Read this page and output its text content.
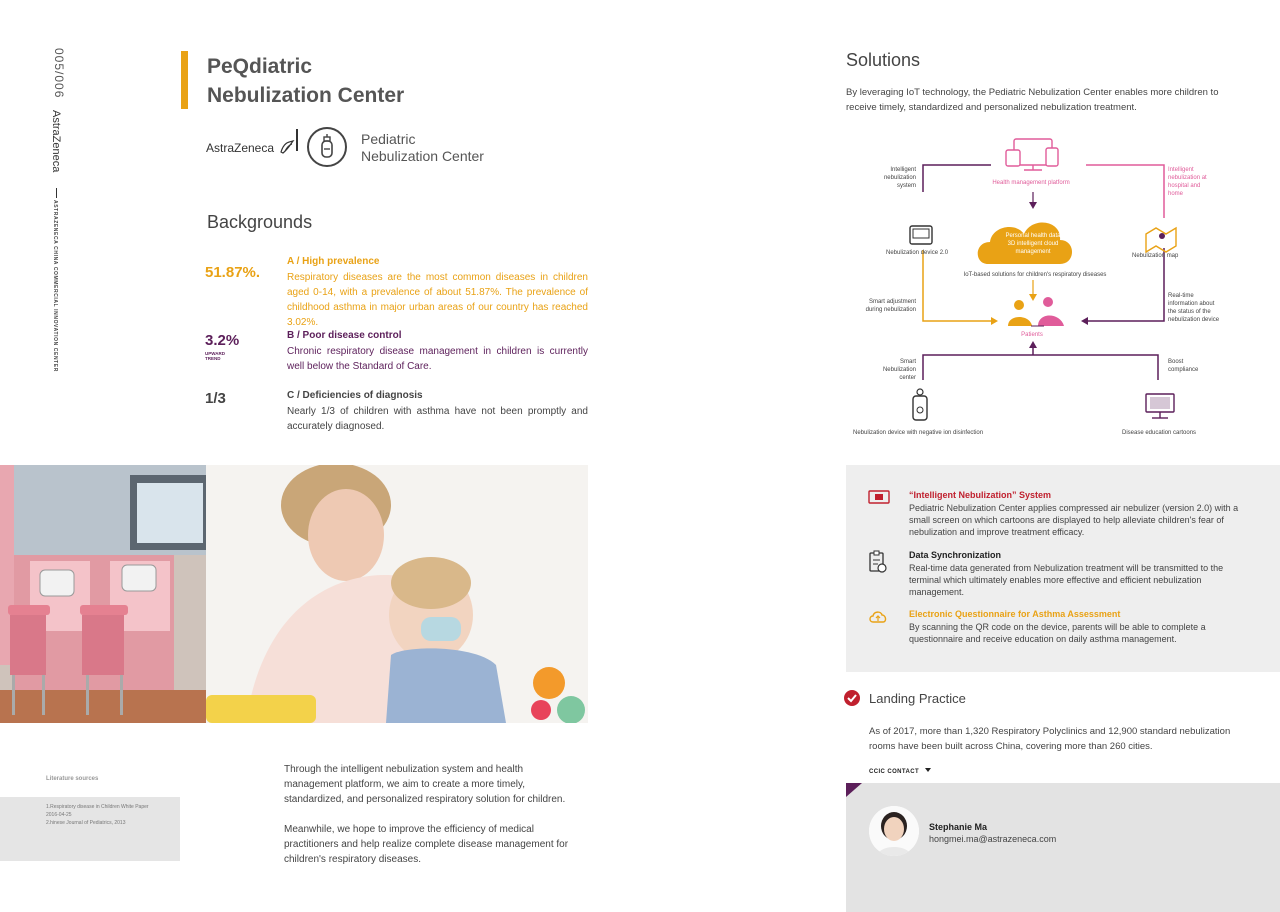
005/006
AstraZeneca
ASTRAZENECA CHINA COMMERCIAL INNOVATION CENTER
PeQdiatric
Nebulization Center
AstraZeneca
Pediatric
Nebulization Center
Backgrounds
51.87%.
A / High prevalence
Respiratory diseases are the most common diseases in children aged 0-14, with a prevalence of about 51.87%. The prevalence of childhood asthma in major urban areas of our country has reached 3.02%.
3.2%
UPWARD TREND
B / Poor disease control
Chronic respiratory disease management in children is currently well below the Standard of Care.
1/3	C / Deficiencies of diagnosis
Nearly 1/3 of children with asthma have not been promptly and accurately diagnosed.
Literature sources
1.Respiratory disease in Children White Paper
2016-04-25
2.hinese Journal of Pediatrics, 2013
Through the intelligent nebulization system and health management platform, we aim to create a more timely, standardized, and personalized respiratory solution for children.
Meanwhile, we hope to improve the efficiency of medical practitioners and help realize complete disease management for children's respiratory diseases.
Solutions
By leveraging IoT technology, the Pediatric Nebulization Center enables more children to receive timely, standardized and personalized nebulization treatment.
Intelligent nebulization system	Health management platform
Intelligent nebulization at hospital and home
Personal health data 3D intelligent cloud management
Nebulization device 2.0	Nebulization map
IoT-based solutions for children's respiratory diseases
Smart adjustment during nebulization
Real-time information about the status of the nebulization device
Patients
Smart Nebulization center
Boost compliance
Nebulization device with negative ion disinfection	Disease education cartoons
“Intelligent Nebulization” System
Pediatric Nebulization Center applies compressed air nebulizer (version 2.0) with a small screen on which cartoons are displayed to help alleviate children's fear of nebulization and improve treatment efficacy.
Data Synchronization
Real-time data generated from Nebulization treatment will be transmitted to the terminal which ultimately enables more effective and efficient nebulization management.
Electronic Questionnaire for Asthma Assessment
By scanning the QR code on the device, parents will be able to complete a questionnaire and receive education on daily asthma management.
Landing Practice
As of 2017, more than 1,320 Respiratory Polyclinics and 12,900 standard nebulization rooms have been built across China, covering more than 260 cities.
CCIC CONTACT
Stephanie Ma
hongmei.ma@astrazeneca.com
